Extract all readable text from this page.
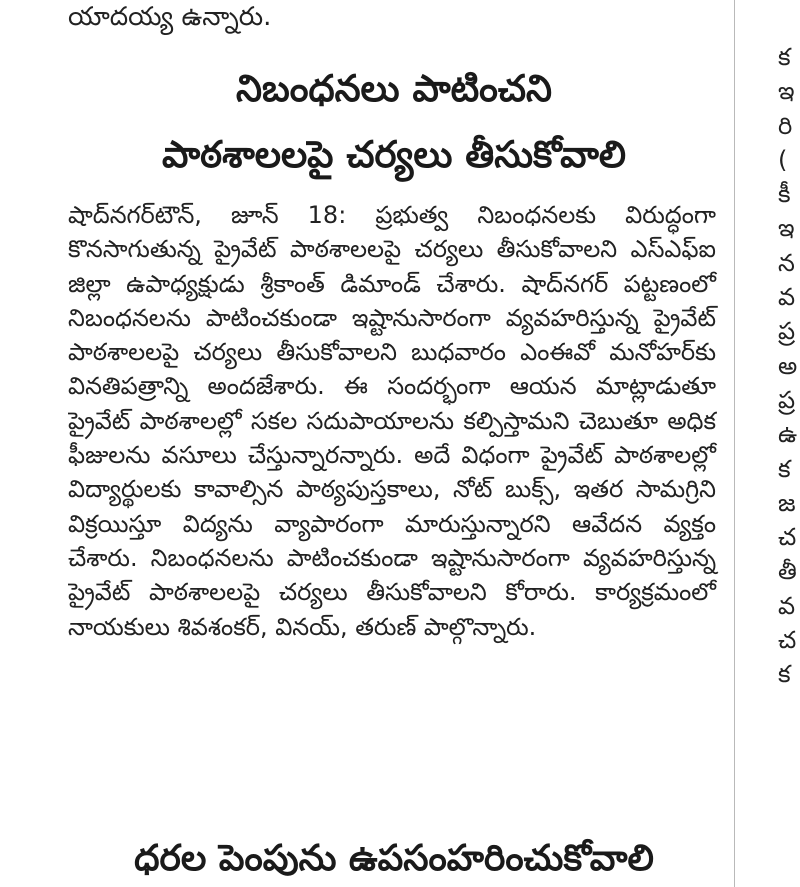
యాదయ్య ఉన్నారు.
నిబంధనలు పాటించని
పాఠశాలలపై చర్యలు తీసుకోవాలి

షాద్‌నగర్‌టౌన్, జూన్ 18: ప్రభుత్వ నిబంధనలకు విరుద్ధంగా కొనసాగుతున్న ప్రైవేట్ పాఠశాలలపై చర్యలు తీసుకోవాలని ఎస్ఎఫ్ఐ జిల్లా ఉపాధ్యక్షుడు శ్రీకాంత్ డిమాండ్ చేశారు. షాద్‌నగర్ పట్టణంలో నిబంధనలను పాటించకుండా ఇష్టానుసారంగా వ్యవహరిస్తున్న ప్రైవేట్ పాఠశాలలపై చర్యలు తీసుకోవాలని బుధవారం ఎంఈవో మనోహర్‌కు వినతిపత్రాన్ని అందజేశారు. ఈ సందర్భంగా ఆయన మాట్లాడుతూ ప్రైవేట్ పాఠశాలల్లో సకల సదుపాయాలను కల్పిస్తామని చెబుతూ అధిక ఫీజులను వసూలు చేస్తున్నారన్నారు. అదే విధంగా ప్రైవేట్ పాఠశాలల్లో విద్యార్థులకు కావాల్సిన పాఠ్యపుస్తకాలు, నోట్ బుక్స్, ఇతర సామగ్రిని విక్రయిస్తూ విద్యను వ్యాపారంగా మారుస్తున్నారని ఆవేదన వ్యక్తం చేశారు. నిబంధనలను పాటించకుండా ఇష్టానుసారంగా వ్యవహరిస్తున్న ప్రైవేట్ పాఠశాలలపై చర్యలు తీసుకోవాలని కోరారు. కార్యక్రమంలో నాయకులు శివశంకర్, వినయ్, తరుణ్ పాల్గొన్నారు.

ధరల పెంపును ఉపసంహరించుకోవాలి
క
ఇ
రి
(
కీ
ఇ
న
వ
ప్ర
అ
ప్ర
ఉ
క
జ
చ
తీ
వ
చ
క
